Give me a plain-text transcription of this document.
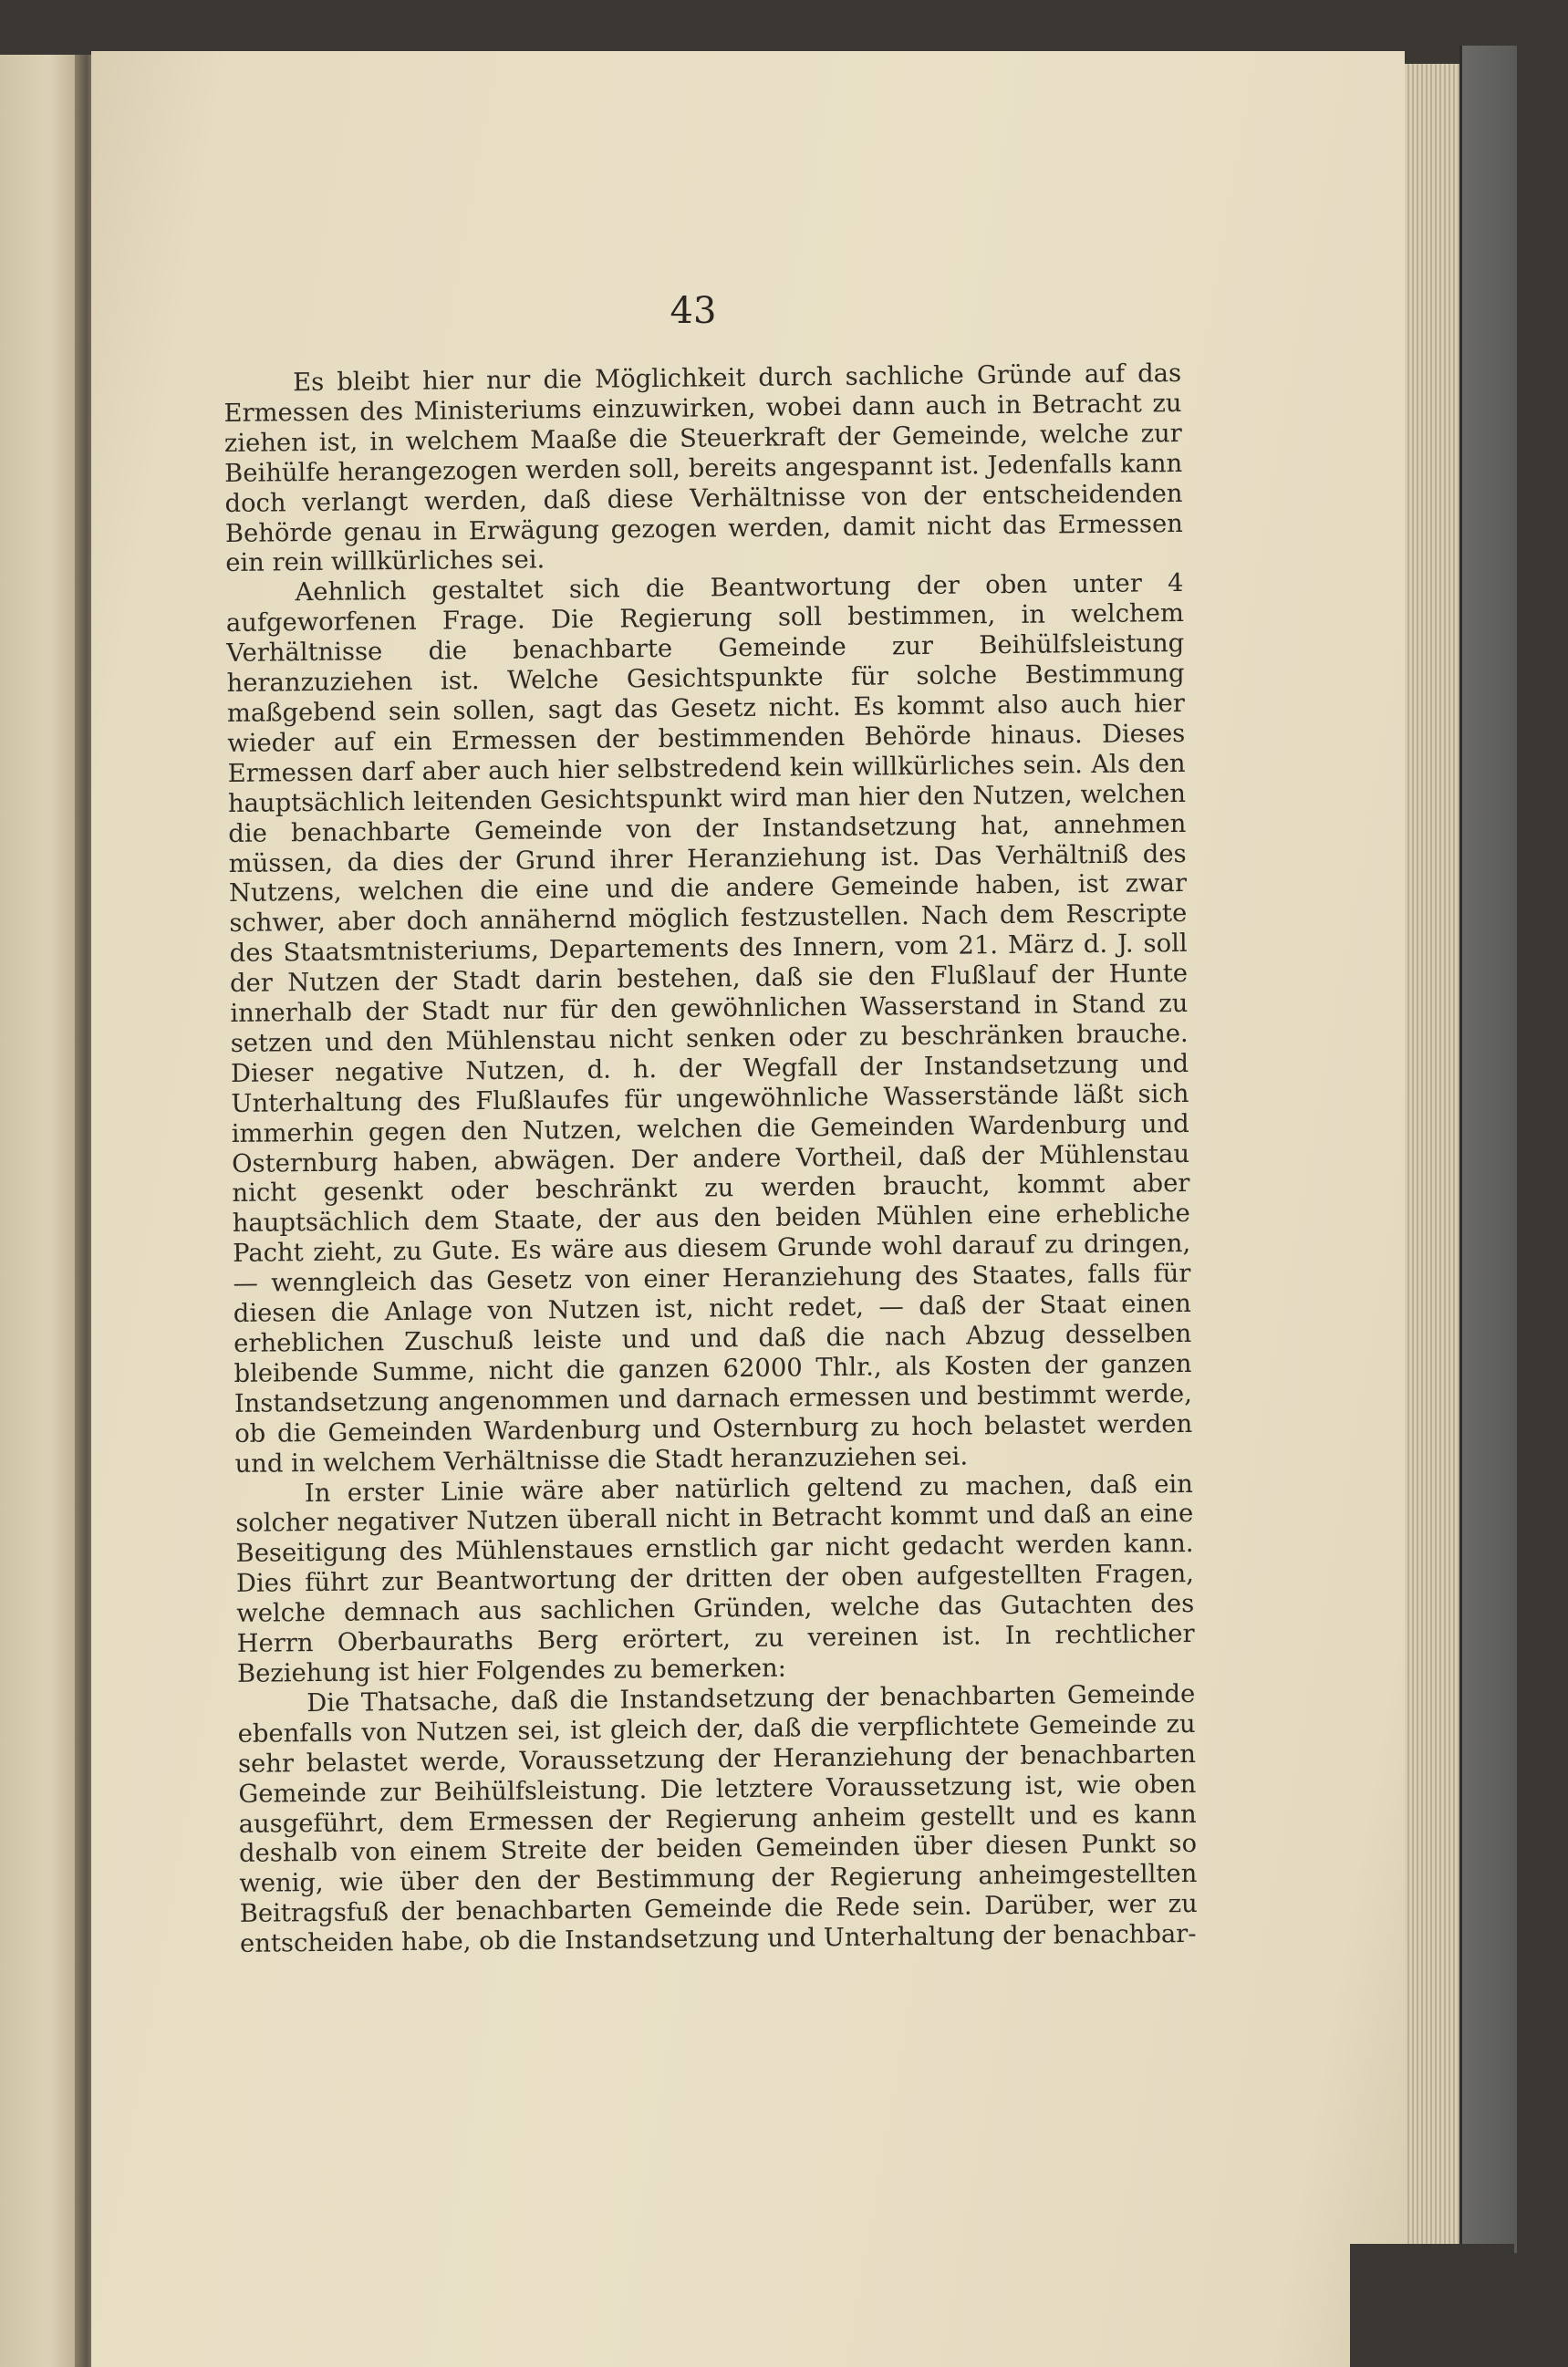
43

Es bleibt hier nur die Möglichkeit durch sachliche Gründe auf das Ermessen des Ministeriums einzuwirken, wobei dann auch in Betracht zu ziehen ist, in welchem Maaße die Steuerkraft der Gemeinde, welche zur Beihülfe herangezogen werden soll, bereits angespannt ist. Jedenfalls kann doch verlangt werden, daß diese Verhältnisse von der entscheidenden Behörde genau in Erwägung gezogen werden, damit nicht das Ermessen ein rein willkürliches sei.

Aehnlich gestaltet sich die Beantwortung der oben unter 4 aufgeworfenen Frage. Die Regierung soll bestimmen, in welchem Verhältnisse die benachbarte Gemeinde zur Beihülfsleistung heranzuziehen ist. Welche Gesichtspunkte für solche Bestimmung maßgebend sein sollen, sagt das Gesetz nicht. Es kommt also auch hier wieder auf ein Ermessen der bestimmenden Behörde hinaus. Dieses Ermessen darf aber auch hier selbstredend kein willkürliches sein. Als den hauptsächlich leitenden Gesichtspunkt wird man hier den Nutzen, welchen die benachbarte Gemeinde von der Instandsetzung hat, annehmen müssen, da dies der Grund ihrer Heranziehung ist. Das Verhältniß des Nutzens, welchen die eine und die andere Gemeinde haben, ist zwar schwer, aber doch annähernd möglich festzustellen. Nach dem Rescripte des Staatsmtnisteriums, Departements des Innern, vom 21. März d. J. soll der Nutzen der Stadt darin bestehen, daß sie den Flußlauf der Hunte innerhalb der Stadt nur für den gewöhnlichen Wasserstand in Stand zu setzen und den Mühlenstau nicht senken oder zu beschränken brauche. Dieser negative Nutzen, d. h. der Wegfall der Instandsetzung und Unterhaltung des Flußlaufes für ungewöhnliche Wasserstände läßt sich immerhin gegen den Nutzen, welchen die Gemeinden Wardenburg und Osternburg haben, abwägen. Der andere Vortheil, daß der Mühlenstau nicht gesenkt oder beschränkt zu werden braucht, kommt aber hauptsächlich dem Staate, der aus den beiden Mühlen eine erhebliche Pacht zieht, zu Gute. Es wäre aus diesem Grunde wohl darauf zu dringen, — wenngleich das Gesetz von einer Heranziehung des Staates, falls für diesen die Anlage von Nutzen ist, nicht redet, — daß der Staat einen erheblichen Zuschuß leiste und und daß die nach Abzug desselben bleibende Summe, nicht die ganzen 62000 Thlr., als Kosten der ganzen Instandsetzung angenommen und darnach ermessen und bestimmt werde, ob die Gemeinden Wardenburg und Osternburg zu hoch belastet werden und in welchem Verhältnisse die Stadt heranzuziehen sei.

In erster Linie wäre aber natürlich geltend zu machen, daß ein solcher negativer Nutzen überall nicht in Betracht kommt und daß an eine Beseitigung des Mühlenstaues ernstlich gar nicht gedacht werden kann. Dies führt zur Beantwortung der dritten der oben aufgestellten Fragen, welche demnach aus sachlichen Gründen, welche das Gutachten des Herrn Oberbauraths Berg erörtert, zu vereinen ist. In rechtlicher Beziehung ist hier Folgendes zu bemerken:

Die Thatsache, daß die Instandsetzung der benachbarten Gemeinde ebenfalls von Nutzen sei, ist gleich der, daß die verpflichtete Gemeinde zu sehr belastet werde, Voraussetzung der Heranziehung der benachbarten Gemeinde zur Beihülfsleistung. Die letztere Voraussetzung ist, wie oben ausgeführt, dem Ermessen der Regierung anheim gestellt und es kann deshalb von einem Streite der beiden Gemeinden über diesen Punkt so wenig, wie über den der Bestimmung der Regierung anheimgestellten Beitragsfuß der benachbarten Gemeinde die Rede sein. Darüber, wer zu entscheiden habe, ob die Instandsetzung und Unterhaltung der benachbar-
